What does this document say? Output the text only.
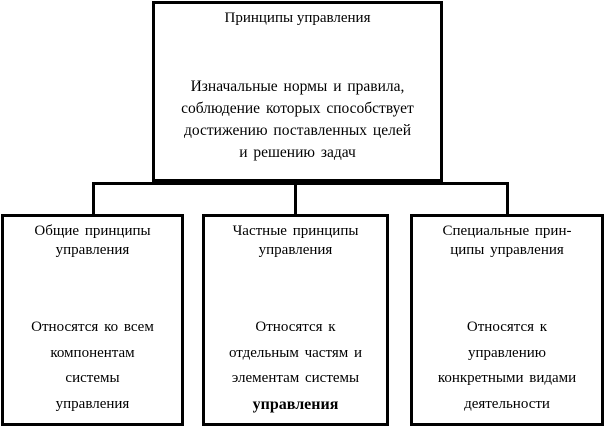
Принципы управления
Изначальные нормы и правила,
соблюдение которых способствует
достижению поставленных целей
и решению задач
Общие принципы
управления
Относятся ко всем
компонентам
системы
управления
Частные принципы
управления
Относятся к
отдельным частям и
элементам системы
управления
Специальные прин-
ципы управления
Относятся к
управлению
конкретными видами
деятельности
